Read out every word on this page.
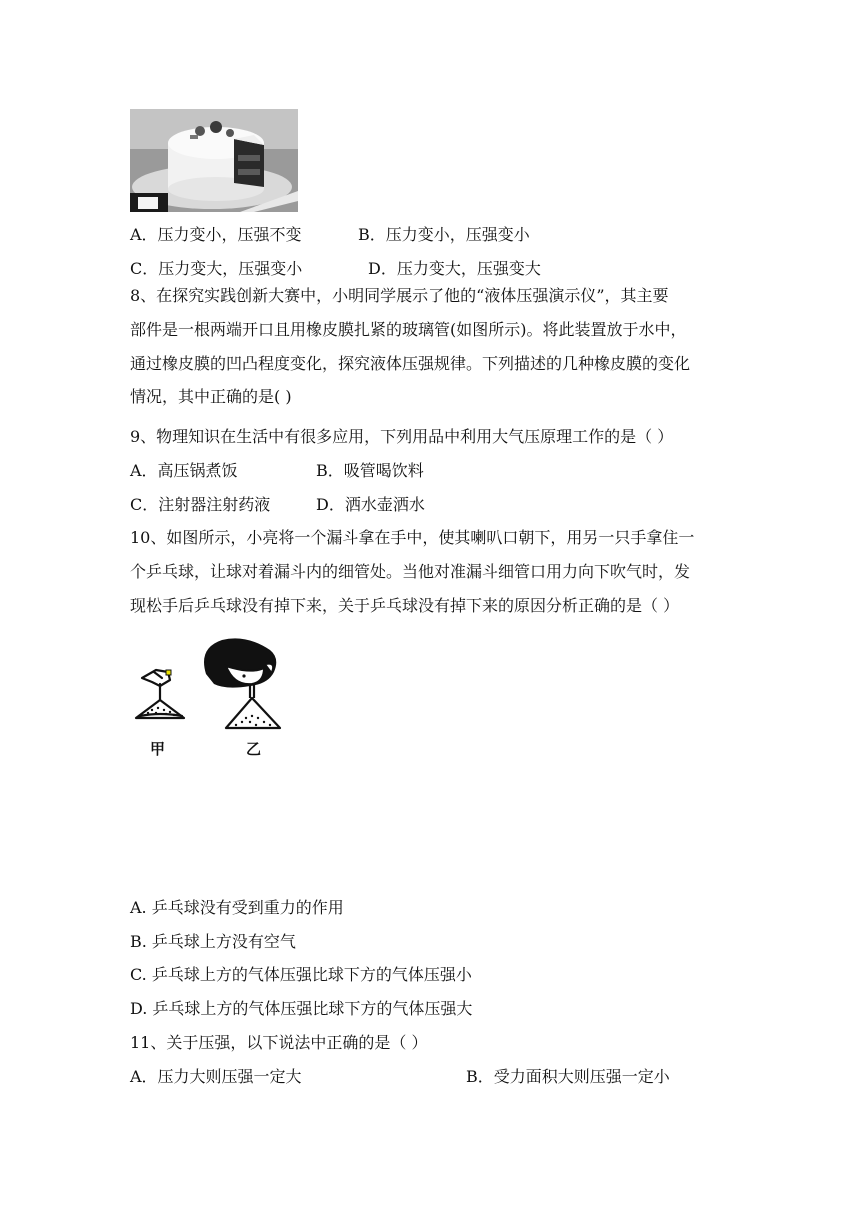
A．压力变小，压强不变	B．压力变小，压强变小
C．压力变大，压强变小	D．压力变大，压强变大
8、在探究实践创新大赛中，小明同学展示了他的“液体压强演示仪”，其主要
部件是一根两端开口且用橡皮膜扎紧的玻璃管(如图所示)。将此装置放于水中，
通过橡皮膜的凹凸程度变化，探究液体压强规律。下列描述的几种橡皮膜的变化
情况，其中正确的是( )
9、物理知识在生活中有很多应用，下列用品中利用大气压原理工作的是（ ）
A．高压锅煮饭	B．吸管喝饮料
C．注射器注射药液	D．洒水壶洒水
10、如图所示，小亮将一个漏斗拿在手中，使其喇叭口朝下，用另一只手拿住一
个乒乓球，让球对着漏斗内的细管处。当他对准漏斗细管口用力向下吹气时，发
现松手后乒乓球没有掉下来，关于乒乓球没有掉下来的原因分析正确的是（ ）
甲	乙
A. 乒乓球没有受到重力的作用
B. 乒乓球上方没有空气
C. 乒乓球上方的气体压强比球下方的气体压强小
D. 乒乓球上方的气体压强比球下方的气体压强大
11、关于压强，以下说法中正确的是（ ）
A．压力大则压强一定大	B．受力面积大则压强一定小
